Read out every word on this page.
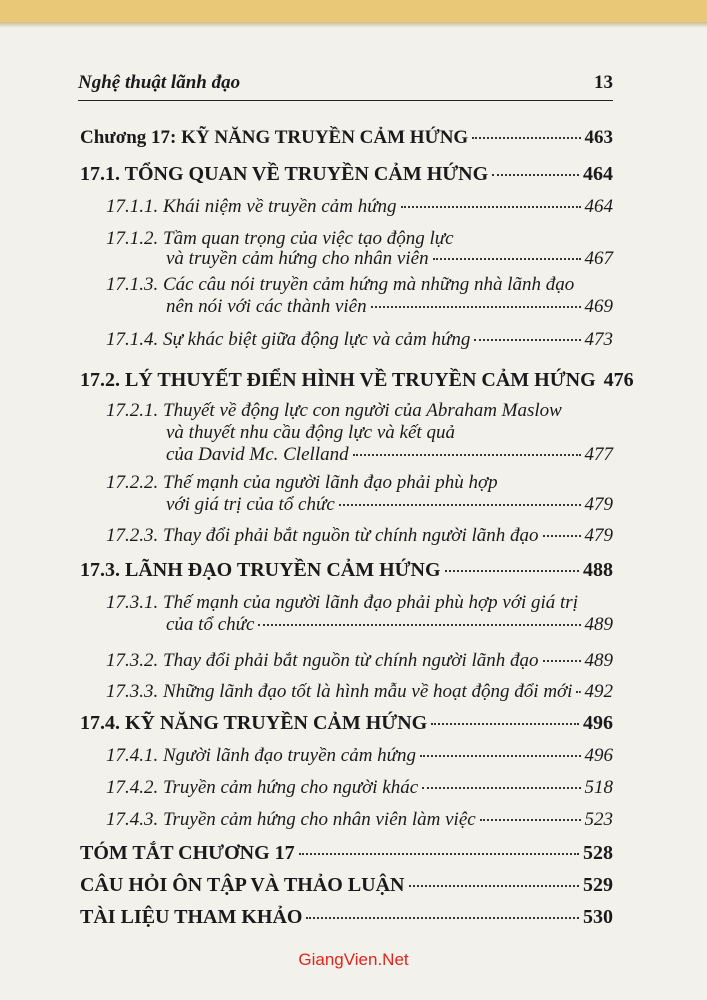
Nghệ thuật lãnh đạo	13
Chương 17: KỸ NĂNG TRUYỀN CẢM HỨNG	463
17.1. TỔNG QUAN VỀ TRUYỀN CẢM HỨNG	464
17.1.1. Khái niệm về truyền cảm hứng	464
17.1.2. Tầm quan trọng của việc tạo động lực
và truyền cảm hứng cho nhân viên	467
17.1.3. Các câu nói truyền cảm hứng mà những nhà lãnh đạo
nên nói với các thành viên	469
17.1.4. Sự khác biệt giữa động lực và cảm hứng	473
17.2. LÝ THUYẾT ĐIỂN HÌNH VỀ TRUYỀN CẢM HỨNG 476
17.2.1. Thuyết về động lực con người của Abraham Maslow
và thuyết nhu cầu động lực và kết quả
của David Mc. Clelland	477
17.2.2. Thế mạnh của người lãnh đạo phải phù hợp
với giá trị của tổ chức	479
17.2.3. Thay đổi phải bắt nguồn từ chính người lãnh đạo 479
17.3. LÃNH ĐẠO TRUYỀN CẢM HỨNG	488
17.3.1. Thế mạnh của người lãnh đạo phải phù hợp với giá trị
của tổ chức	489
17.3.2. Thay đổi phải bắt nguồn từ chính người lãnh đạo 489
17.3.3. Những lãnh đạo tốt là hình mẫu về hoạt động đổi mới 492
17.4. KỸ NĂNG TRUYỀN CẢM HỨNG	496
17.4.1. Người lãnh đạo truyền cảm hứng	496
17.4.2. Truyền cảm hứng cho người khác	518
17.4.3. Truyền cảm hứng cho nhân viên làm việc	523
TÓM TẮT CHƯƠNG 17	528
CÂU HỎI ÔN TẬP VÀ THẢO LUẬN	529
TÀI LIỆU THAM KHẢO	530
GiangVien.Net
